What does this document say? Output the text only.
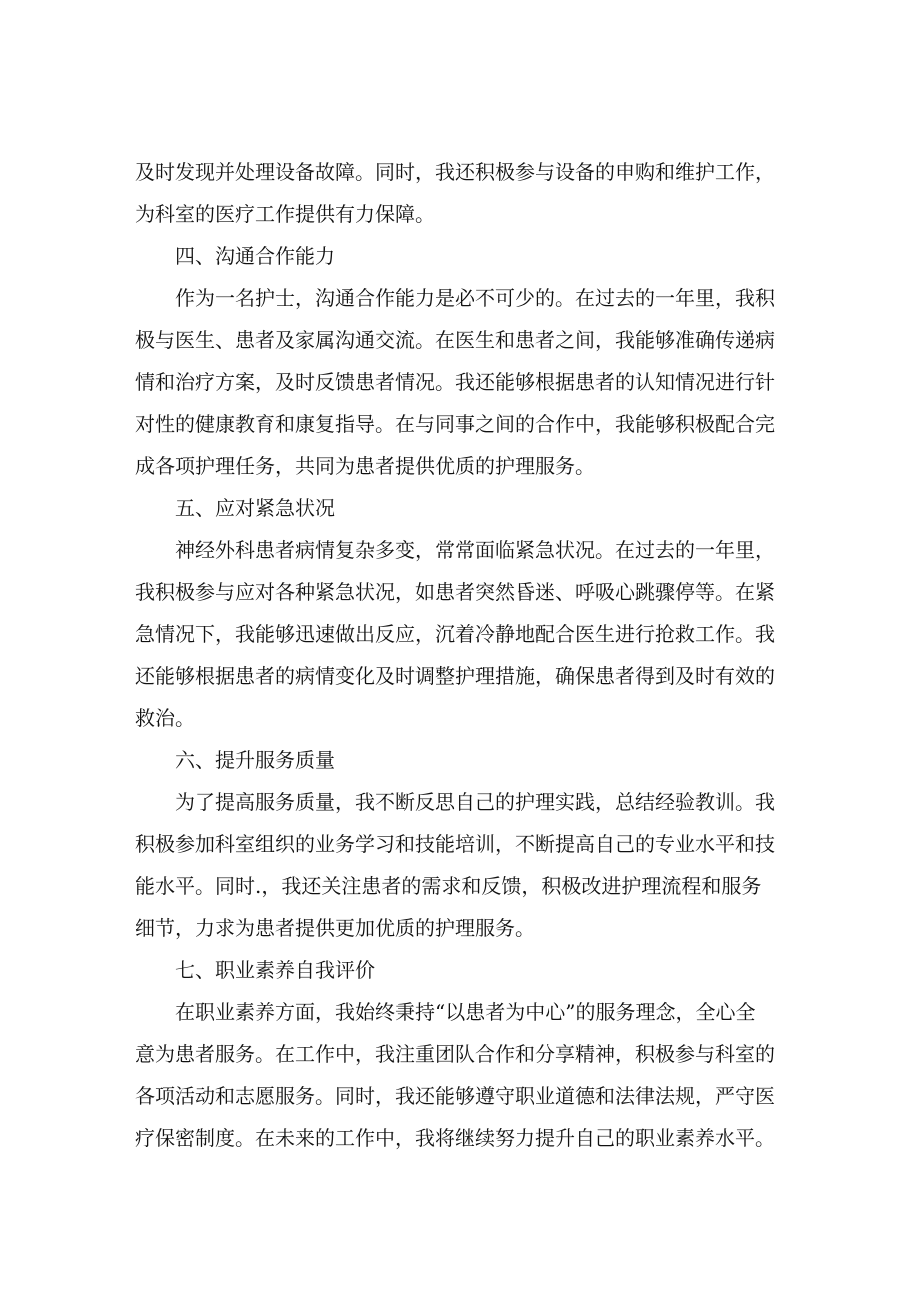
及时发现并处理设备故障。同时，我还积极参与设备的申购和维护工作，
为科室的医疗工作提供有力保障。
四、沟通合作能力
作为一名护士，沟通合作能力是必不可少的。在过去的一年里，我积
极与医生、患者及家属沟通交流。在医生和患者之间，我能够准确传递病
情和治疗方案，及时反馈患者情况。我还能够根据患者的认知情况进行针
对性的健康教育和康复指导。在与同事之间的合作中，我能够积极配合完
成各项护理任务，共同为患者提供优质的护理服务。
五、应对紧急状况
神经外科患者病情复杂多变，常常面临紧急状况。在过去的一年里，
我积极参与应对各种紧急状况，如患者突然昏迷、呼吸心跳骤停等。在紧
急情况下，我能够迅速做出反应，沉着冷静地配合医生进行抢救工作。我
还能够根据患者的病情变化及时调整护理措施，确保患者得到及时有效的
救治。
六、提升服务质量
为了提高服务质量，我不断反思自己的护理实践，总结经验教训。我
积极参加科室组织的业务学习和技能培训，不断提高自己的专业水平和技
能水平。同时.，我还关注患者的需求和反馈，积极改进护理流程和服务
细节，力求为患者提供更加优质的护理服务。
七、职业素养自我评价
在职业素养方面，我始终秉持“以患者为中心”的服务理念，全心全
意为患者服务。在工作中，我注重团队合作和分享精神，积极参与科室的
各项活动和志愿服务。同时，我还能够遵守职业道德和法律法规，严守医
疗保密制度。在未来的工作中，我将继续努力提升自己的职业素养水平。
